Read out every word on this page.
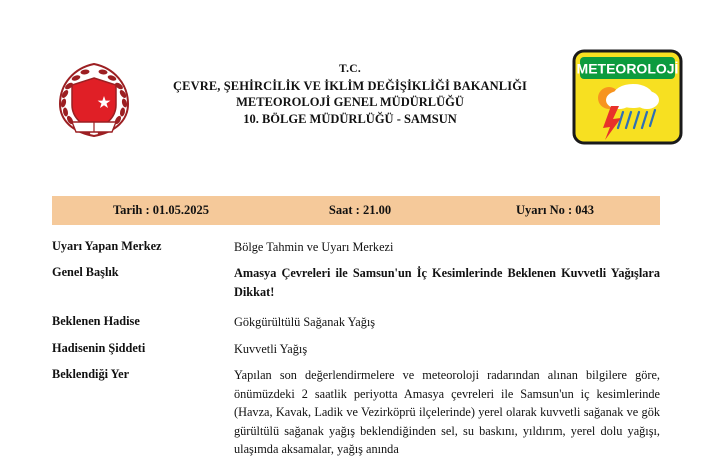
T.C.
ÇEVRE, ŞEHİRCİLİK VE İKLİM DEĞİŞİKLİĞİ BAKANLIĞI
METEOROLOJİ GENEL MÜDÜRLÜĞÜ
10. BÖLGE MÜDÜRLÜĞÜ - SAMSUN
METEOROLOJİ
Tarih : 01.05.2025	Saat : 21.00	Uyarı No : 043
Uyarı Yapan Merkez	Bölge Tahmin ve Uyarı Merkezi
Genel Başlık	Amasya Çevreleri ile Samsun'un İç Kesimlerinde Beklenen Kuvvetli Yağışlara Dikkat!
Beklenen Hadise	Gökgürültülü Sağanak Yağış
Hadisenin Şiddeti	Kuvvetli Yağış
Beklendiği Yer	Yapılan son değerlendirmelere ve meteoroloji radarından alınan bilgilere göre, önümüzdeki 2 saatlik periyotta Amasya çevreleri ile Samsun'un iç kesimlerinde (Havza, Kavak, Ladik ve Vezirköprü ilçelerinde) yerel olarak kuvvetli sağanak ve gök gürültülü sağanak yağış beklendiğinden sel, su baskını, yıldırım, yerel dolu yağışı, ulaşımda aksamalar, yağış anında
